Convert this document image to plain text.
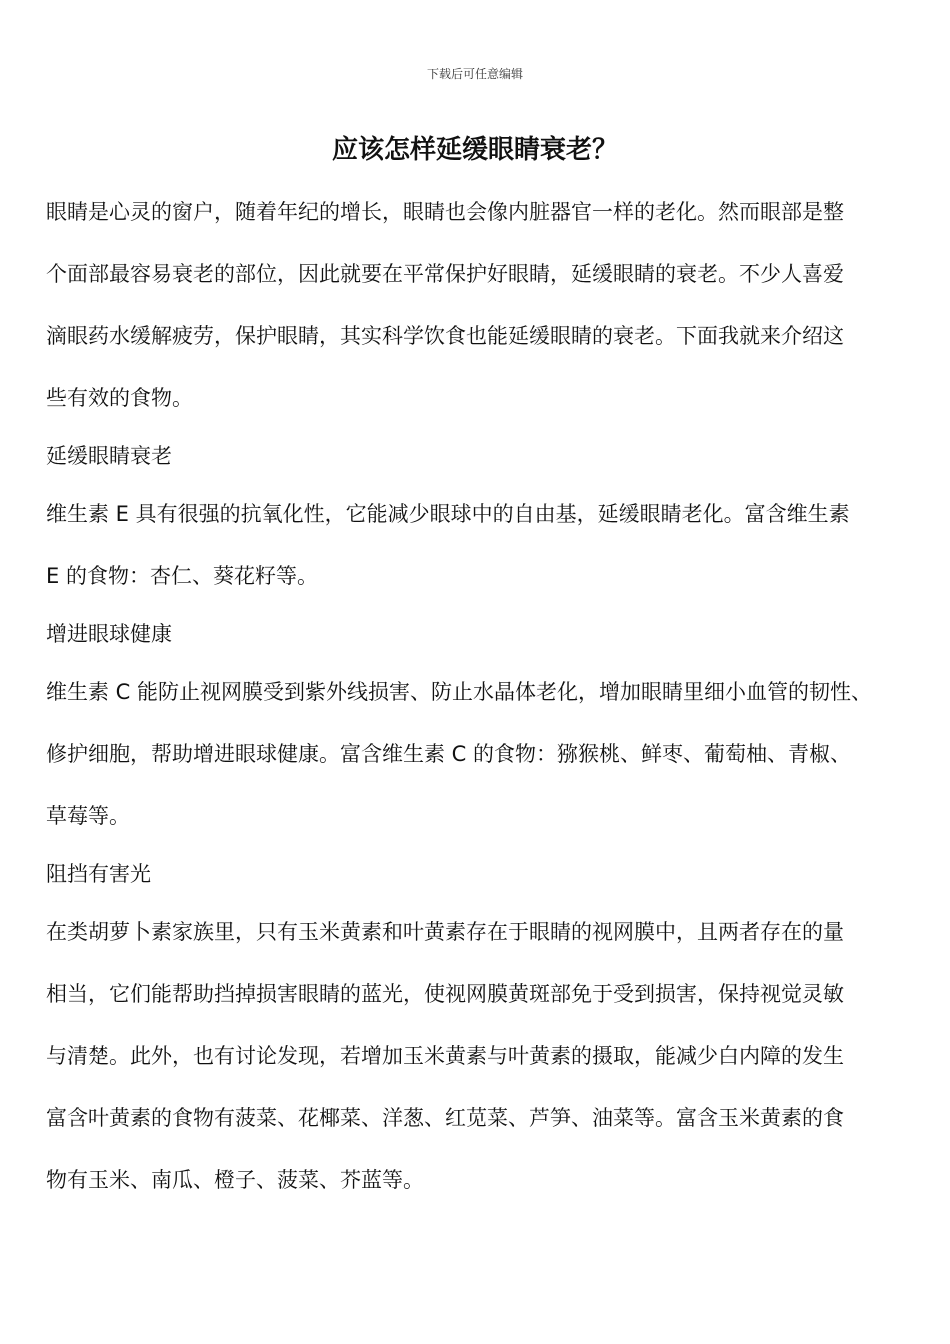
下载后可任意编辑
应该怎样延缓眼睛衰老？

眼睛是心灵的窗户，随着年纪的增长，眼睛也会像内脏器官一样的老化。然而眼部是整
个面部最容易衰老的部位，因此就要在平常保护好眼睛，延缓眼睛的衰老。不少人喜爱
滴眼药水缓解疲劳，保护眼睛，其实科学饮食也能延缓眼睛的衰老。下面我就来介绍这
些有效的食物。

延缓眼睛衰老

维生素 E 具有很强的抗氧化性，它能减少眼球中的自由基，延缓眼睛老化。富含维生素
E 的食物：杏仁、葵花籽等。

增进眼球健康

维生素 C 能防止视网膜受到紫外线损害、防止水晶体老化，增加眼睛里细小血管的韧性、
修护细胞，帮助增进眼球健康。富含维生素 C 的食物：猕猴桃、鲜枣、葡萄柚、青椒、
草莓等。

阻挡有害光

在类胡萝卜素家族里，只有玉米黄素和叶黄素存在于眼睛的视网膜中，且两者存在的量
相当，它们能帮助挡掉损害眼睛的蓝光，使视网膜黄斑部免于受到损害，保持视觉灵敏
与清楚。此外，也有讨论发现，若增加玉米黄素与叶黄素的摄取，能减少白内障的发生
富含叶黄素的食物有菠菜、花椰菜、洋葱、红苋菜、芦笋、油菜等。富含玉米黄素的食
物有玉米、南瓜、橙子、菠菜、芥蓝等。
